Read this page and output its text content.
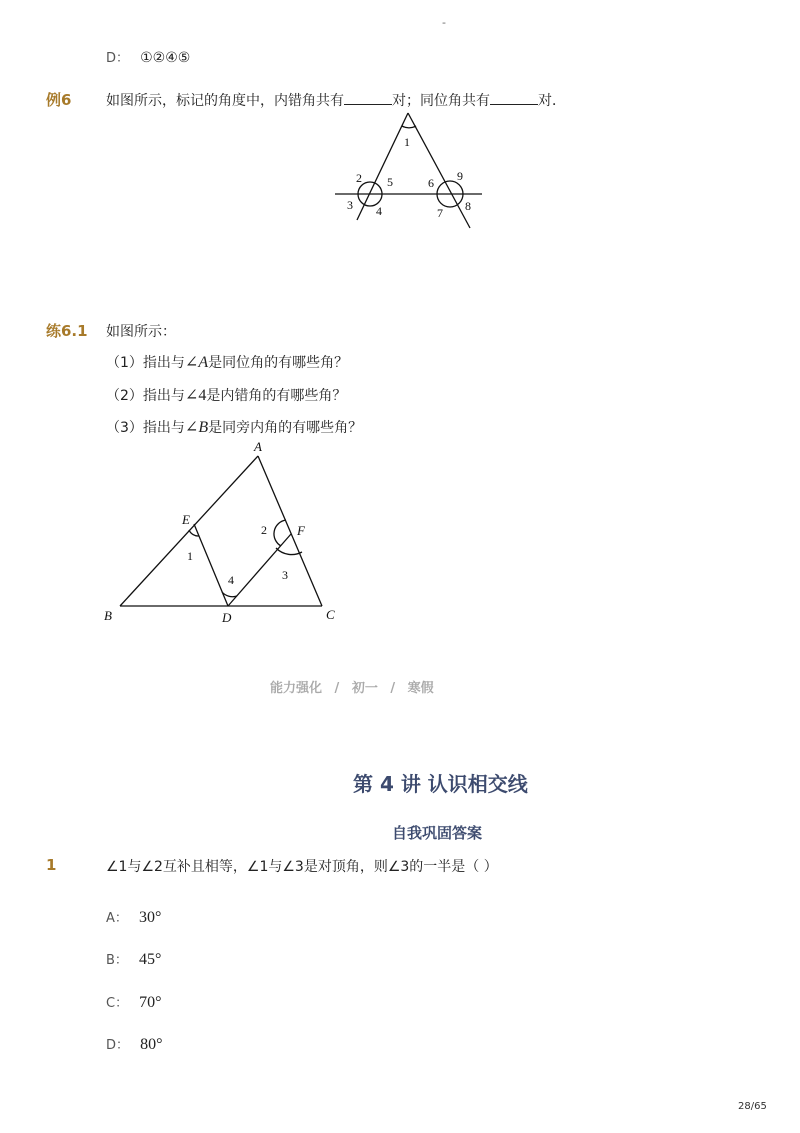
-
D： ①②④⑤
例6 如图所示，标记的角度中，内错角共有	对；同位角共有	对．
1
2
3 4
5	6
7 8
9
练6.1 如图所示：
（1）指出与∠A是同位角的有哪些角？
（2）指出与∠4是内错角的有哪些角？
（3）指出与∠B是同旁内角的有哪些角？
A
B	C
D
E
F
1
2
3
4
能力强化 / 初一 / 寒假
第 4 讲 认识相交线
自我巩固答案
1	∠1与∠2互补且相等，∠1与∠3是对顶角，则∠3的一半是（ ）
A： 30°
B： 45°
C： 70°
D： 80°
28/65
